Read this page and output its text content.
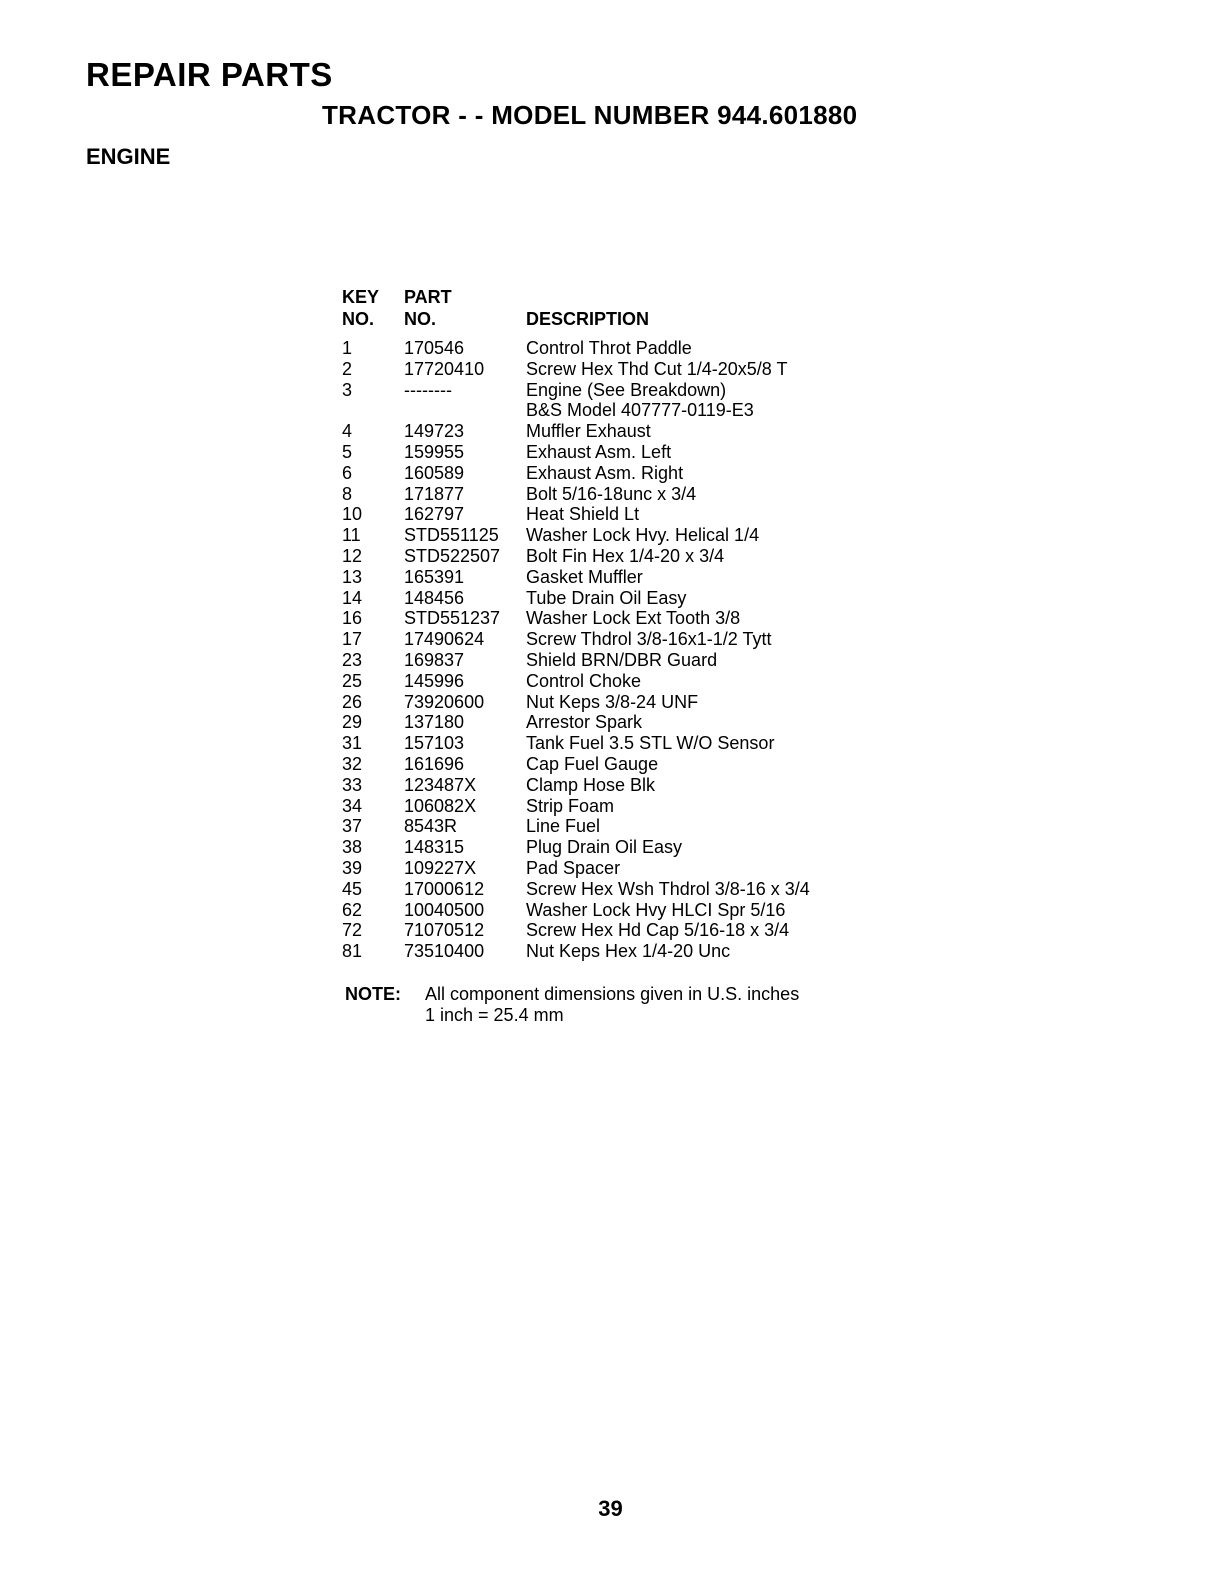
REPAIR PARTS
TRACTOR - - MODEL NUMBER 944.601880
ENGINE
KEY	PART
NO.	NO.	DESCRIPTION
1	170546	Control Throt Paddle
2	17720410	Screw Hex Thd Cut 1/4-20x5/8 T
3	--------	Engine (See Breakdown)
B&S Model 407777-0119-E3
4	149723	Muffler Exhaust
5	159955	Exhaust Asm. Left
6	160589	Exhaust Asm. Right
8	171877	Bolt 5/16-18unc x 3/4
10	162797	Heat Shield Lt
11	STD551125	Washer Lock Hvy. Helical 1/4
12	STD522507	Bolt Fin Hex 1/4-20 x 3/4
13	165391	Gasket Muffler
14	148456	Tube Drain Oil Easy
16	STD551237	Washer Lock Ext Tooth 3/8
17	17490624	Screw Thdrol 3/8-16x1-1/2 Tytt
23	169837	Shield BRN/DBR Guard
25	145996	Control Choke
26	73920600	Nut Keps 3/8-24 UNF
29	137180	Arrestor Spark
31	157103	Tank Fuel 3.5 STL W/O Sensor
32	161696	Cap Fuel Gauge
33	123487X	Clamp Hose Blk
34	106082X	Strip Foam
37	8543R	Line Fuel
38	148315	Plug Drain Oil Easy
39	109227X	Pad Spacer
45	17000612	Screw Hex Wsh Thdrol 3/8-16 x 3/4
62	10040500	Washer Lock Hvy HLCI Spr 5/16
72	71070512	Screw Hex Hd Cap 5/16-18 x 3/4
81	73510400	Nut Keps Hex 1/4-20 Unc
NOTE:	All component dimensions given in U.S. inches
1 inch = 25.4 mm
39
